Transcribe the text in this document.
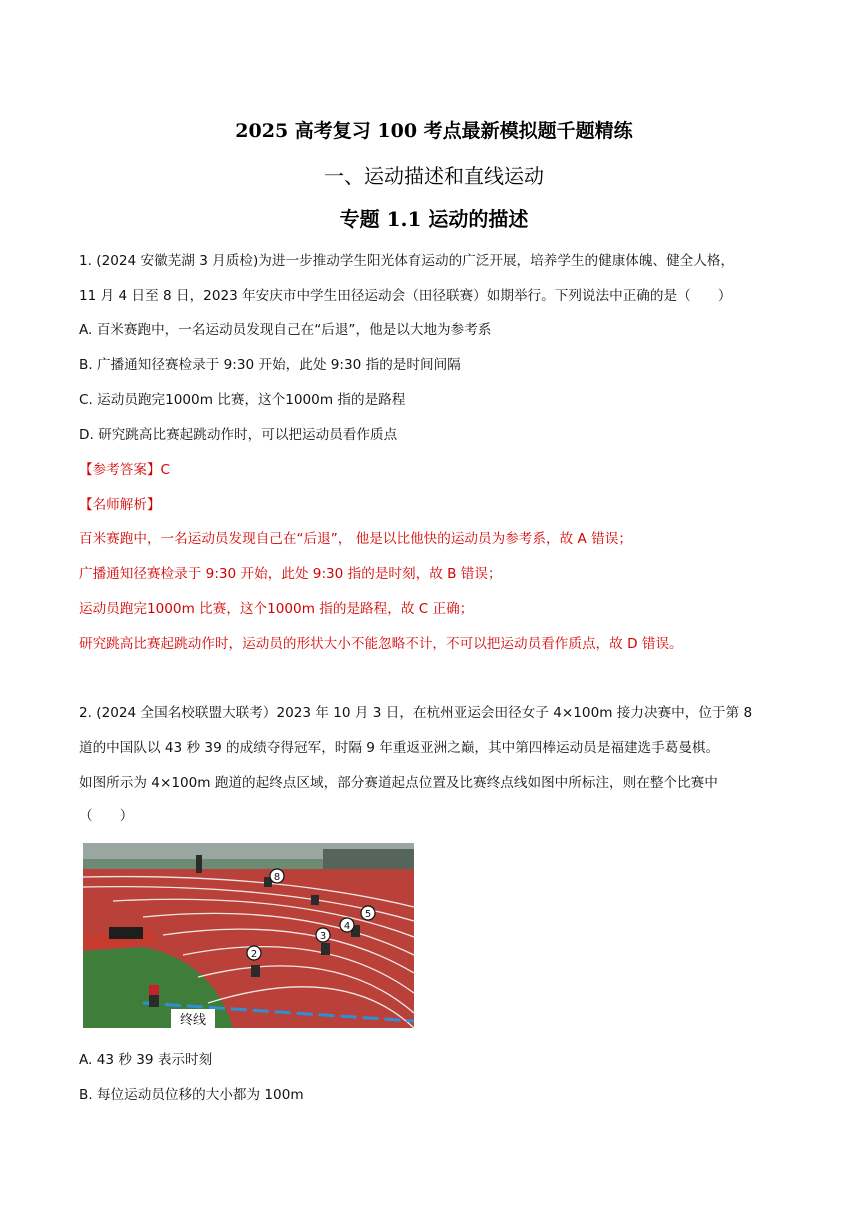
2025 高考复习 100 考点最新模拟题千题精练
一、运动描述和直线运动
专题 1.1 运动的描述
1. (2024 安徽芜湖 3 月质检)为进一步推动学生阳光体育运动的广泛开展，培养学生的健康体魄、健全人格，
11 月 4 日至 8 日，2023 年安庆市中学生田径运动会（田径联赛）如期举行。下列说法中正确的是（　　）
A. 百米赛跑中，一名运动员发现自己在“后退”，他是以大地为参考系
B. 广播通知径赛检录于 9:30 开始，此处 9:30 指的是时间间隔
C. 运动员跑完1000m 比赛，这个1000m 指的是路程
D. 研究跳高比赛起跳动作时，可以把运动员看作质点
【参考答案】C
【名师解析】
百米赛跑中，一名运动员发现自己在“后退”， 他是以比他快的运动员为参考系，故 A 错误；
广播通知径赛检录于 9:30 开始，此处 9:30 指的是时刻，故 B 错误；
运动员跑完1000m 比赛，这个1000m 指的是路程，故 C 正确；
研究跳高比赛起跳动作时，运动员的形状大小不能忽略不计，不可以把运动员看作质点，故 D 错误。
2. (2024 全国名校联盟大联考）2023 年 10 月 3 日，在杭州亚运会田径女子 4×100m 接力决赛中，位于第 8
道的中国队以 43 秒 39 的成绩夺得冠军，时隔 9 年重返亚洲之巅，其中第四棒运动员是福建选手葛曼棋。
如图所示为 4×100m 跑道的起终点区域，部分赛道起点位置及比赛终点线如图中所标注，则在整个比赛中
（　　）
8
5
4
3
2
终线
A. 43 秒 39 表示时刻
B. 每位运动员位移的大小都为 100m
